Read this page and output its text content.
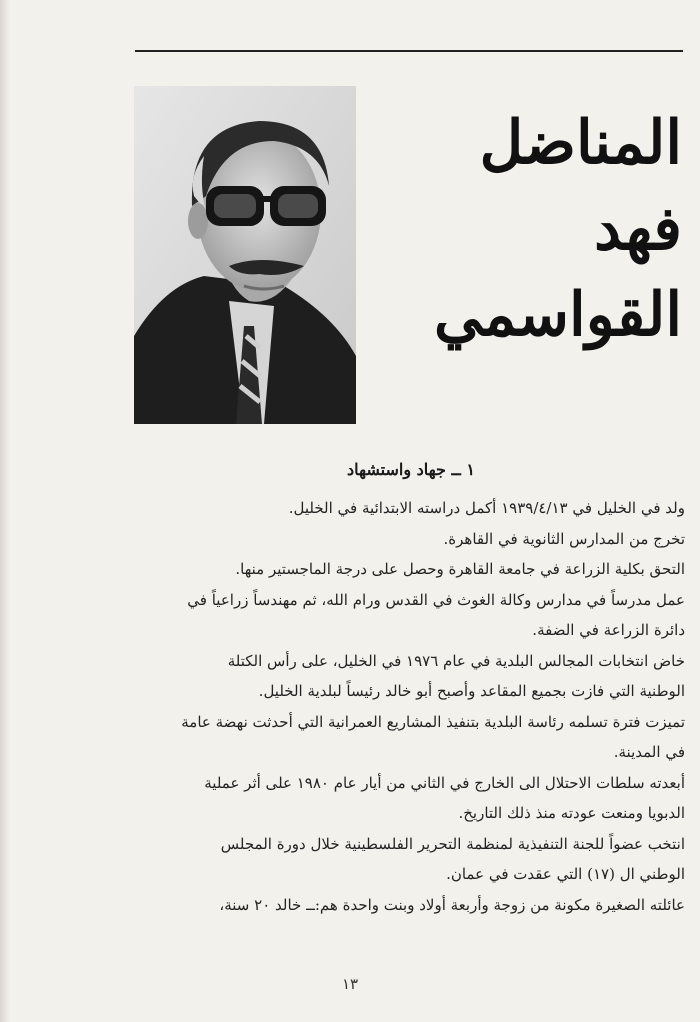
المناضل
فهد
القواسمي
١ ــ جهاد واستشهاد
ولد في الخليل في ١٩٣٩/٤/١٣ أكمل دراسته الابتدائية في الخليل.
تخرج من المدارس الثانوية في القاهرة.
التحق بكلية الزراعة في جامعة القاهرة وحصل على درجة الماجستير منها.
عمل مدرساً في مدارس وكالة الغوث في القدس ورام الله، ثم مهندساً زراعياً في
دائرة الزراعة في الضفة.
خاض انتخابات المجالس البلدية في عام ١٩٧٦ في الخليل، على رأس الكتلة
الوطنية التي فازت بجميع المقاعد وأصبح أبو خالد رئيساً لبلدية الخليل.
تميزت فترة تسلمه رئاسة البلدية بتنفيذ المشاريع العمرانية التي أحدثت نهضة عامة
في المدينة.
أبعدته سلطات الاحتلال الى الخارج في الثاني من أيار عام ١٩٨٠ على أثر عملية
الدبويا ومنعت عودته منذ ذلك التاريخ.
انتخب عضواً للجنة التنفيذية لمنظمة التحرير الفلسطينية خلال دورة المجلس
الوطني ال (١٧) التي عقدت في عمان.
عائلته الصغيرة مكونة من زوجة وأربعة أولاد وبنت واحدة هم:ــ خالد ٢٠ سنة،
١٣
